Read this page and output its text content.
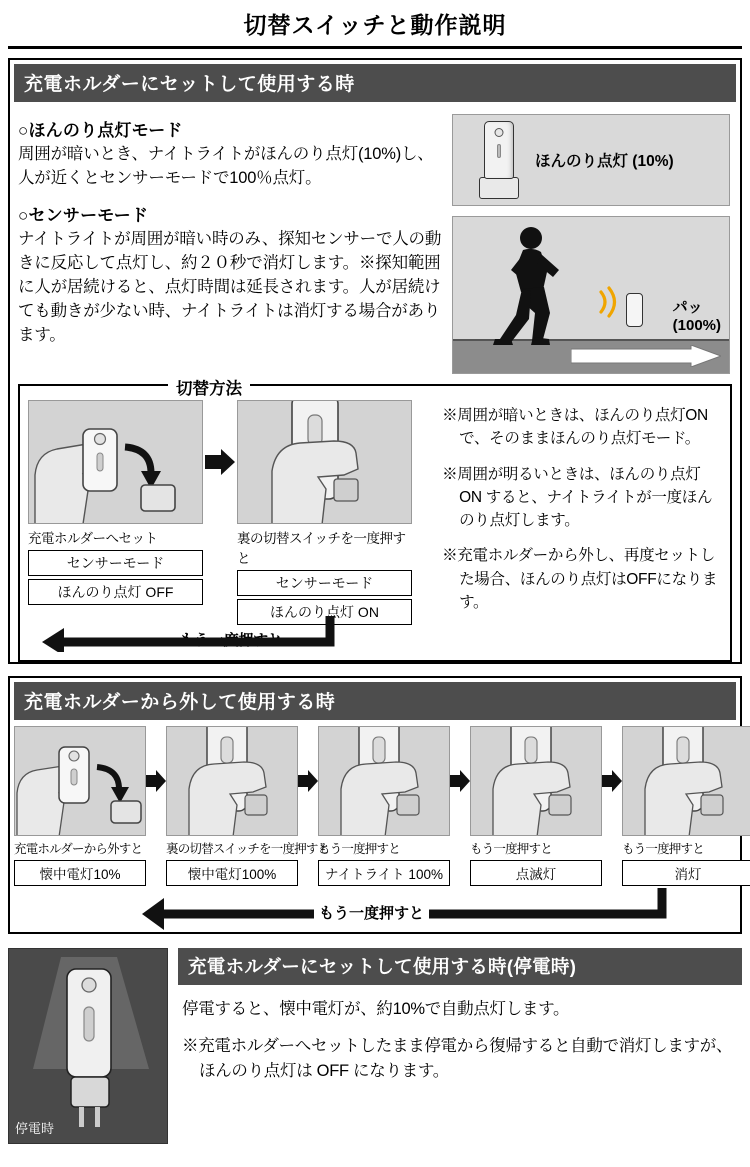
切替スイッチと動作説明
充電ホルダーにセットして使用する時
○ほんのり点灯モード
周囲が暗いとき、ナイトライトがほんのり点灯(10%)し、人が近くとセンサーモードで100％点灯。
○センサーモード
ナイトライトが周囲が暗い時のみ、探知センサーで人の動きに反応して点灯し、約２０秒で消灯します。※探知範囲に人が居続けると、点灯時間は延長されます。人が居続けても動きが少ない時、ナイトライトは消灯する場合があります。
ほんのり点灯 (10%)
パッ
(100%)
切替方法
充電ホルダーへセット
センサーモード
ほんのり点灯 OFF
裏の切替スイッチを一度押すと
センサーモード
ほんのり点灯 ON
もう一度押すと
※周囲が暗いときは、ほんのり点灯ONで、そのままほんのり点灯モード。
※周囲が明るいときは、ほんのり点灯ON すると、ナイトライトが一度ほんのり点灯します。
※充電ホルダーから外し、再度セットした場合、ほんのり点灯はOFFになります。
充電ホルダーから外して使用する時
充電ホルダーから外すと
懐中電灯10%
裏の切替スイッチを一度押すと
懐中電灯100%
もう一度押すと
ナイトライト 100%
もう一度押すと
点滅灯
もう一度押すと
消灯
もう一度押すと
停電時
充電ホルダーにセットして使用する時(停電時)
停電すると、懐中電灯が、約10%で自動点灯します。
※充電ホルダーへセットしたまま停電から復帰すると自動で消灯しますが、ほんのり点灯は OFF になります。
